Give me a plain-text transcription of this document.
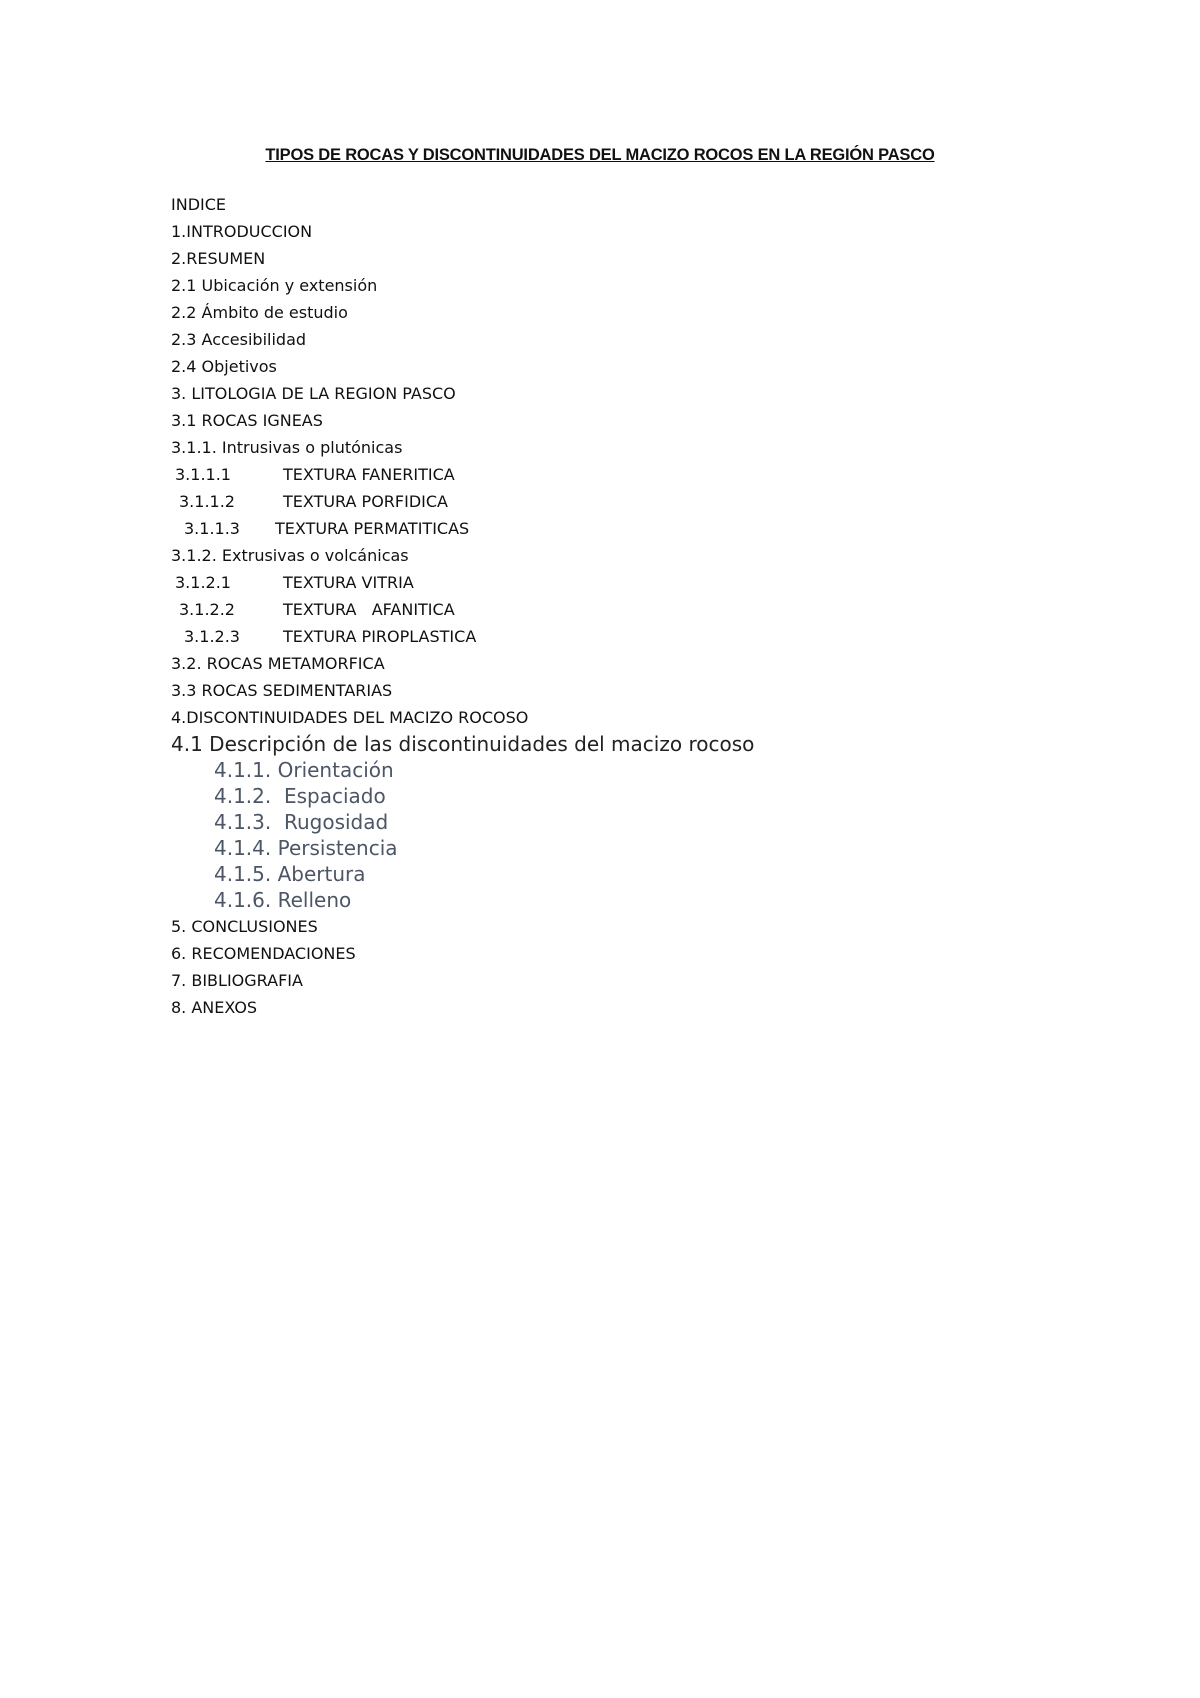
TIPOS DE ROCAS Y DISCONTINUIDADES DEL MACIZO ROCOS EN LA REGIÓN PASCO
INDICE
1.INTRODUCCION
2.RESUMEN
2.1 Ubicación y extensión
2.2 Ámbito de estudio
2.3 Accesibilidad
2.4 Objetivos
3. LITOLOGIA DE LA REGION PASCO
3.1 ROCAS IGNEAS
3.1.1. Intrusivas o plutónicas
3.1.1.1	TEXTURA FANERITICA
3.1.1.2	TEXTURA PORFIDICA
3.1.1.3 TEXTURA PERMATITICAS
3.1.2. Extrusivas o volcánicas
3.1.2.1	TEXTURA VITRIA
3.1.2.2	TEXTURA   AFANITICA
3.1.2.3	TEXTURA PIROPLASTICA
3.2. ROCAS METAMORFICA
3.3 ROCAS SEDIMENTARIAS
4.DISCONTINUIDADES DEL MACIZO ROCOSO
4.1 Descripción de las discontinuidades del macizo rocoso
4.1.1. Orientación
4.1.2.  Espaciado
4.1.3.  Rugosidad
4.1.4. Persistencia
4.1.5. Abertura
4.1.6. Relleno
5. CONCLUSIONES
6. RECOMENDACIONES
7. BIBLIOGRAFIA
8. ANEXOS
